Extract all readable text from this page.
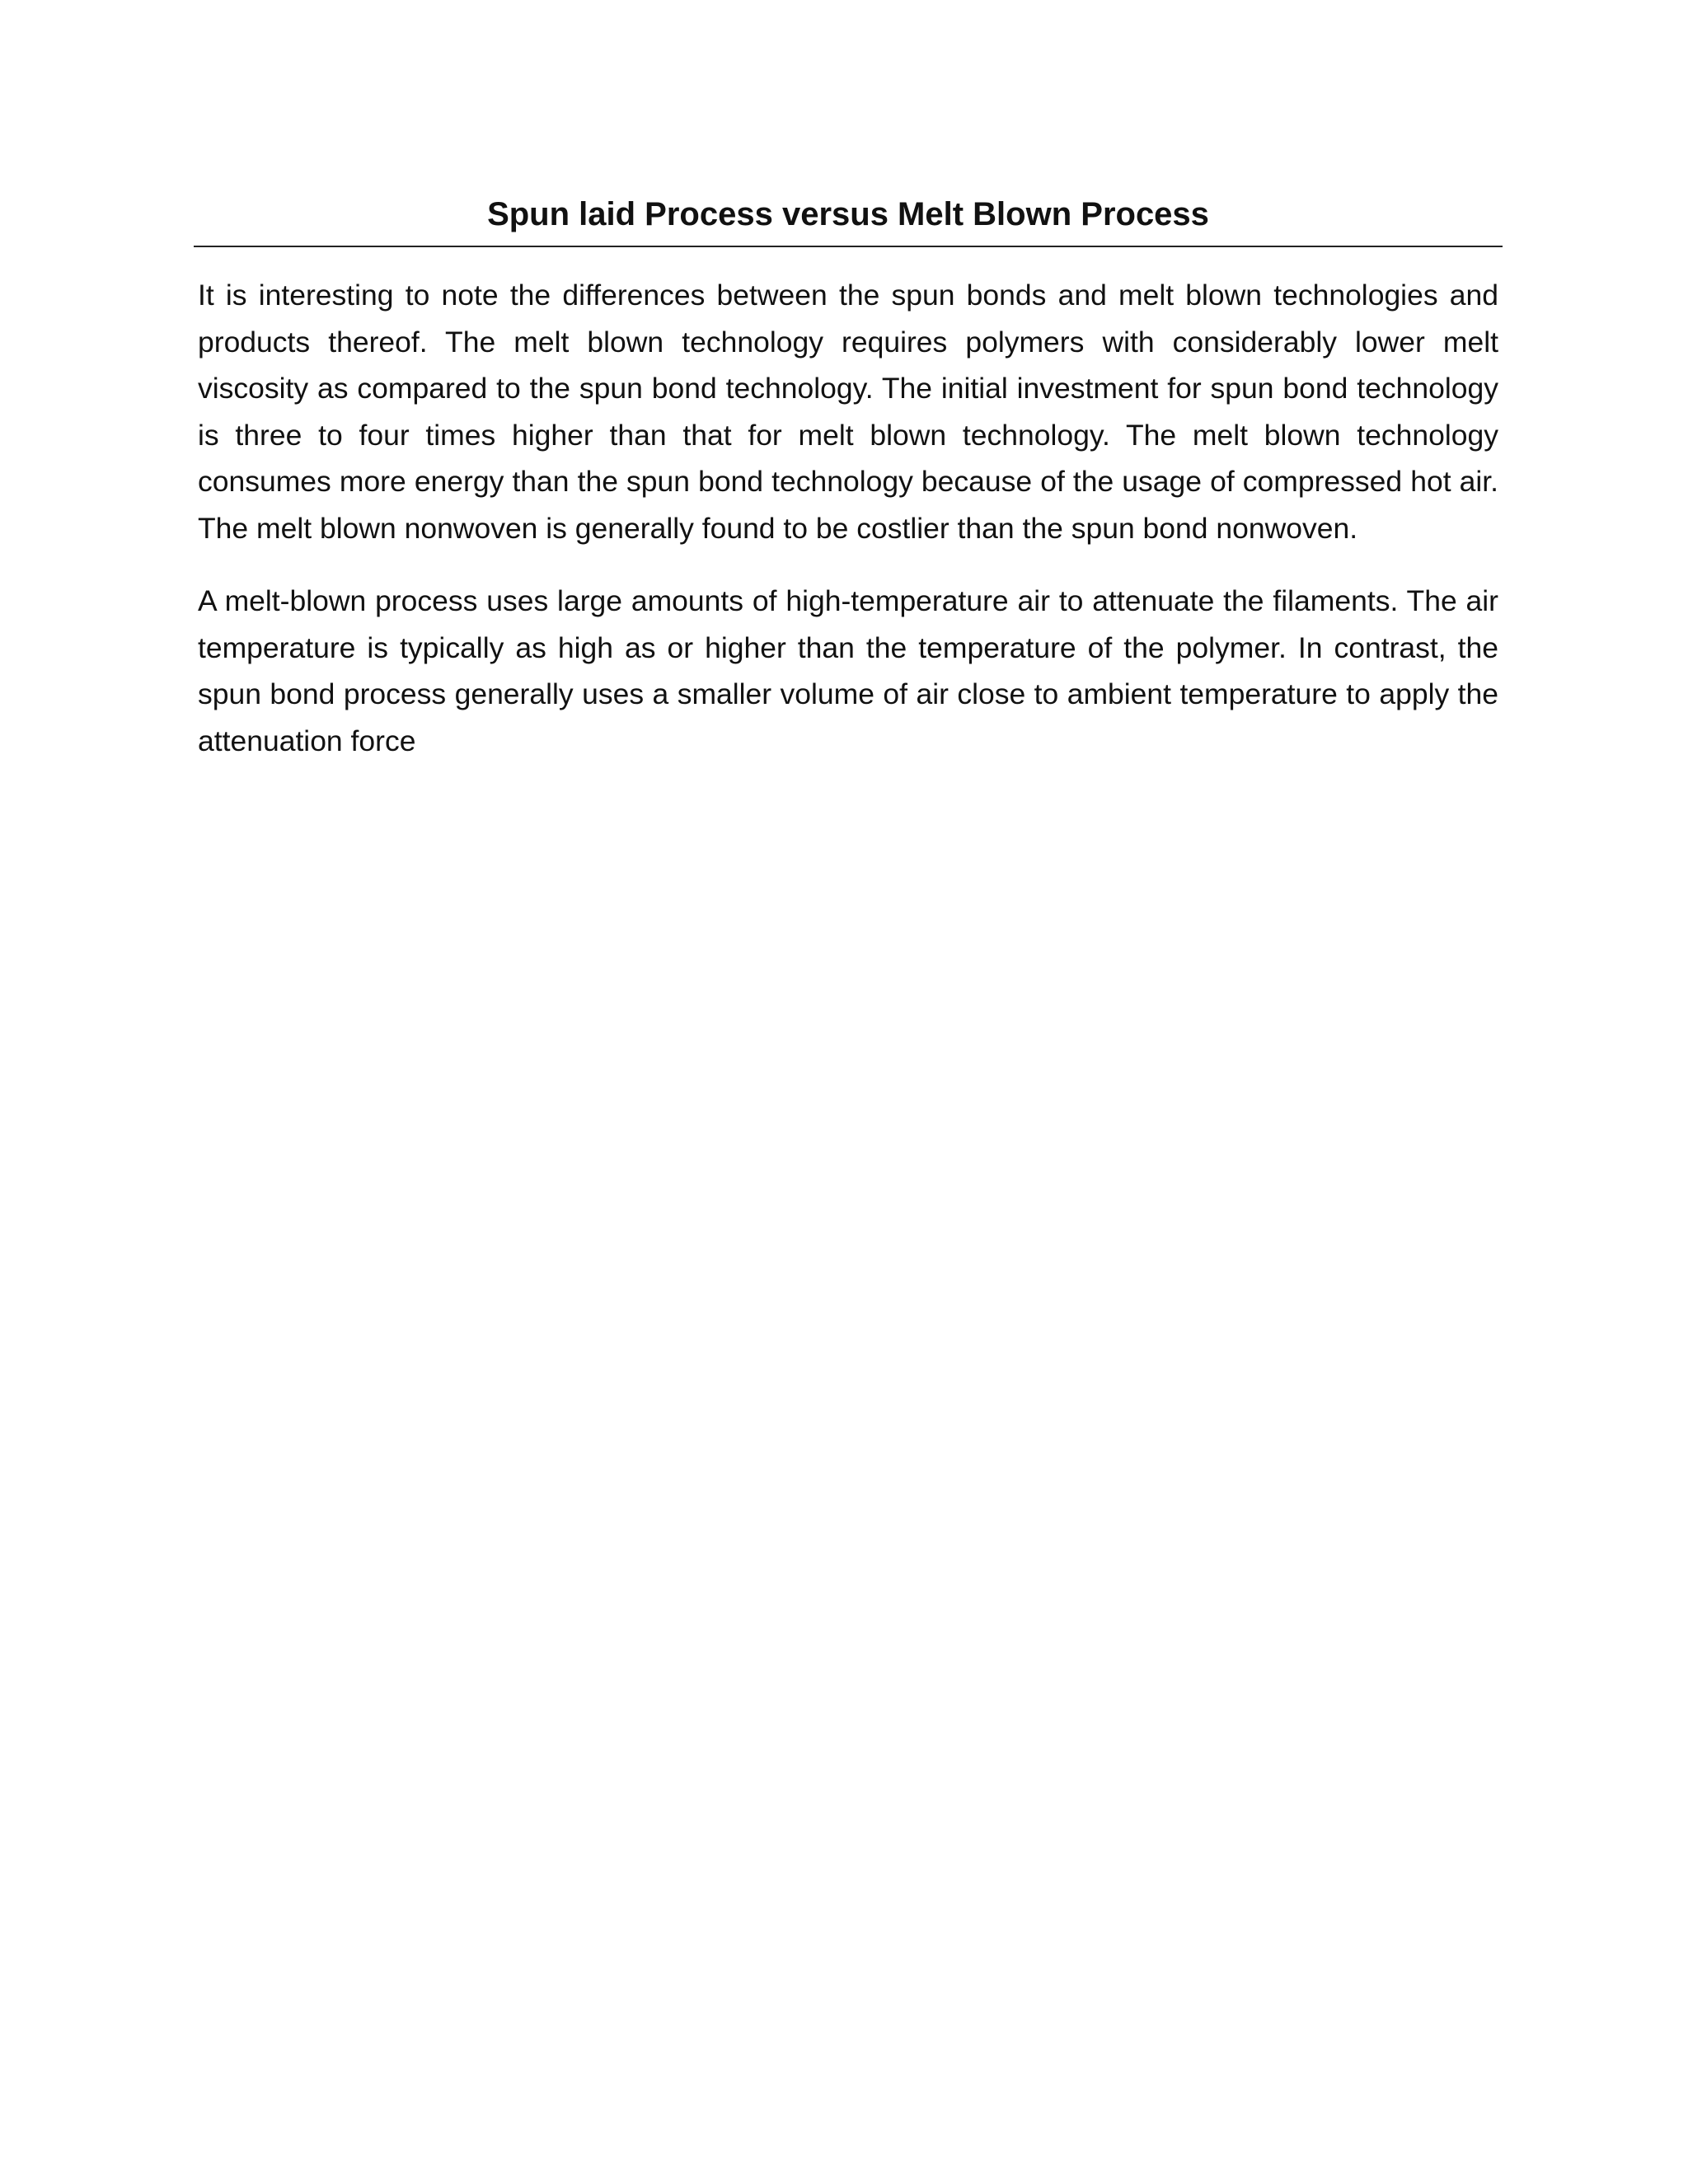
Spun laid Process versus Melt Blown Process

It is interesting to note the differences between the spun bonds and melt blown technologies and products thereof. The melt blown technology requires polymers with considerably lower melt viscosity as compared to the spun bond technology. The initial investment for spun bond technology is three to four times higher than that for melt blown technology. The melt blown technology consumes more energy than the spun bond technology because of the usage of compressed hot air. The melt blown nonwoven is generally found to be costlier than the spun bond nonwoven.

A melt-blown process uses large amounts of high-temperature air to attenuate the filaments. The air temperature is typically as high as or higher than the temperature of the polymer. In contrast, the spun bond process generally uses a smaller volume of air close to ambient temperature to apply the attenuation force
